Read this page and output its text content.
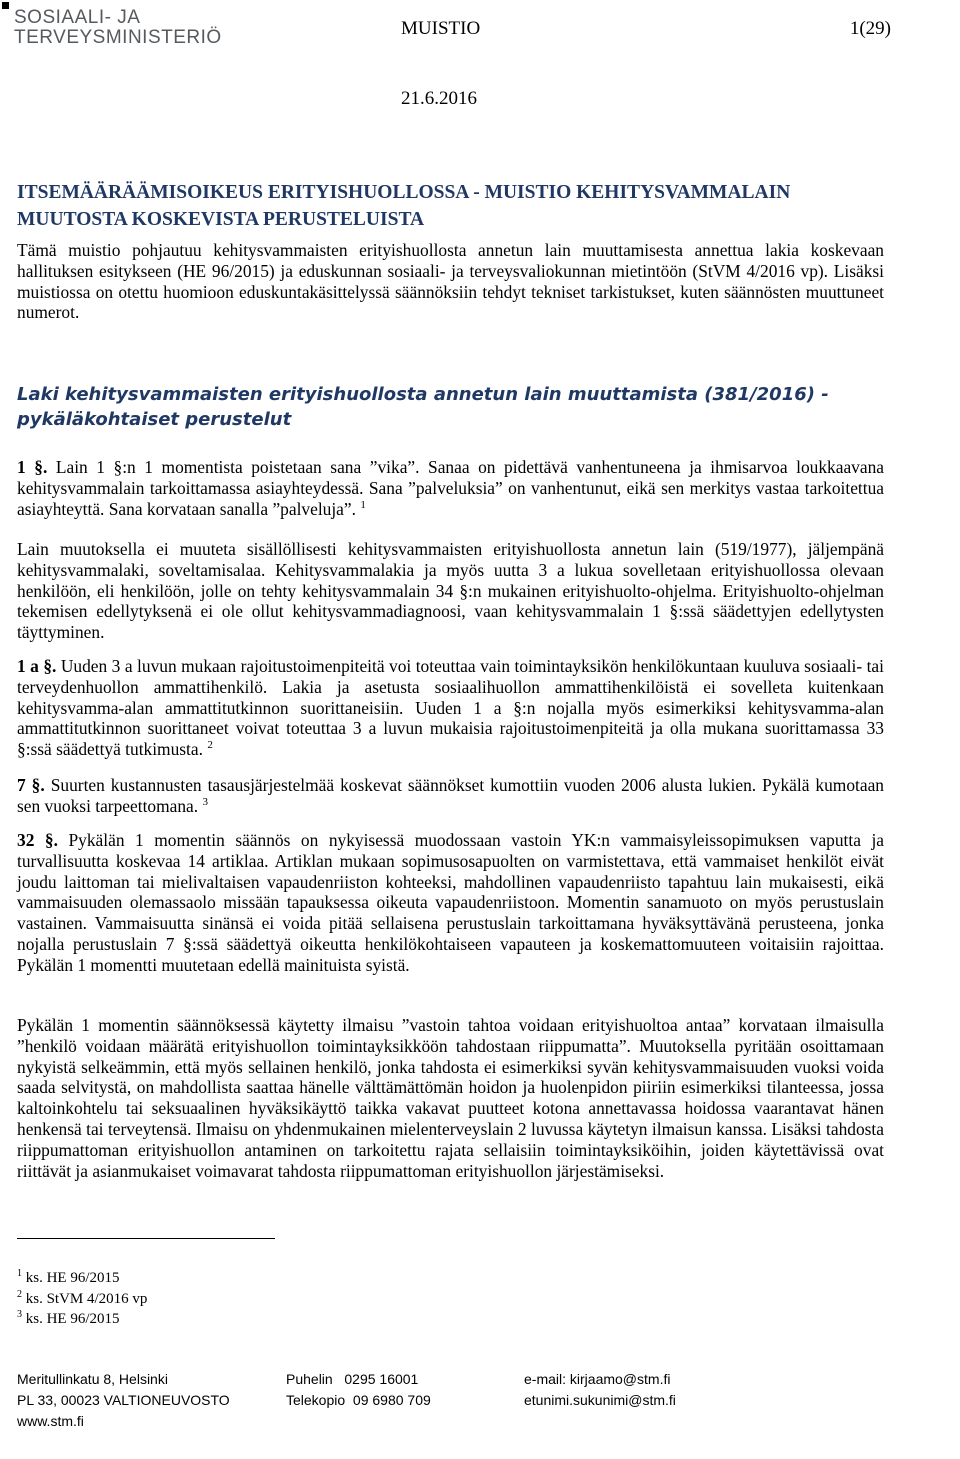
SOSIAALI- JA
TERVEYSMINISTERIÖ	MUISTIO	1(29)
21.6.2016
ITSEMÄÄRÄÄMISOIKEUS ERITYISHUOLLOSSA - MUISTIO KEHITYSVAMMALAIN MUUTOSTA KOSKEVISTA PERUSTELUISTA

Tämä muistio pohjautuu kehitysvammaisten erityishuollosta annetun lain muuttamisesta annettua lakia koskevaan hallituksen esitykseen (HE 96/2015) ja eduskunnan sosiaali- ja terveysvaliokunnan mietintöön (StVM 4/2016 vp). Lisäksi muistiossa on otettu huomioon eduskuntakäsittelyssä säännöksiin tehdyt tekniset tarkistukset, kuten säännösten muuttuneet numerot.

Laki kehitysvammaisten erityishuollosta annetun lain muuttamista (381/2016) - pykäläkohtaiset perustelut

1 §. Lain 1 §:n 1 momentista poistetaan sana ”vika”. Sanaa on pidettävä vanhentuneena ja ihmisarvoa loukkaavana kehitysvammalain tarkoittamassa asiayhteydessä. Sana ”palveluksia” on vanhentunut, eikä sen merkitys vastaa tarkoitettua asiayhteyttä. Sana korvataan sanalla ”palveluja”. $^1$

Lain muutoksella ei muuteta sisällöllisesti kehitysvammaisten erityishuollosta annetun lain (519/1977), jäljempänä kehitysvammalaki, soveltamisalaa. Kehitysvammalakia ja myös uutta 3 a lukua sovelletaan erityishuollossa olevaan henkilöön, eli henkilöön, jolle on tehty kehitysvammalain 34 §:n mukainen erityishuolto-ohjelma. Erityishuolto-ohjelman tekemisen edellytyksenä ei ole ollut kehitysvammadiagnoosi, vaan kehitysvammalain 1 §:ssä säädettyjen edellytysten täyttyminen.

1 a §. Uuden 3 a luvun mukaan rajoitustoimenpiteitä voi toteuttaa vain toimintayksikön henkilökuntaan kuuluva sosiaali- tai terveydenhuollon ammattihenkilö. Lakia ja asetusta sosiaalihuollon ammattihenkilöistä ei sovelleta kuitenkaan kehitysvamma-alan ammattitutkinnon suorittaneisiin. Uuden 1 a §:n nojalla myös esimerkiksi kehitysvamma-alan ammattitutkinnon suorittaneet voivat toteuttaa 3 a luvun mukaisia rajoitustoimenpiteitä ja olla mukana suorittamassa 33 §:ssä säädettyä tutkimusta. $^2$

7 §. Suurten kustannusten tasausjärjestelmää koskevat säännökset kumottiin vuoden 2006 alusta lukien. Pykälä kumotaan sen vuoksi tarpeettomana. $^3$

32 §. Pykälän 1 momentin säännös on nykyisessä muodossaan vastoin YK:n vammaisyleissopimuksen vaputta ja turvallisuutta koskevaa 14 artiklaa. Artiklan mukaan sopimusosapuolten on varmistettava, että vammaiset henkilöt eivät joudu laittoman tai mielivaltaisen vapaudenriiston kohteeksi, mahdollinen vapaudenriisto tapahtuu lain mukaisesti, eikä vammaisuuden olemassaolo missään tapauksessa oikeuta vapaudenriistoon. Momentin sanamuoto on myös perustuslain vastainen. Vammaisuutta sinänsä ei voida pitää sellaisena perustuslain tarkoittamana hyväksyttävänä perusteena, jonka nojalla perustuslain 7 §:ssä säädettyä oikeutta henkilökohtaiseen vapauteen ja koskemattomuuteen voitaisiin rajoittaa. Pykälän 1 momentti muutetaan edellä mainituista syistä.

Pykälän 1 momentin säännöksessä käytetty ilmaisu ”vastoin tahtoa voidaan erityishuoltoa antaa” korvataan ilmaisulla ”henkilö voidaan määrätä erityishuollon toimintayksikköön tahdostaan riippumatta”. Muutoksella pyritään osoittamaan nykyistä selkeämmin, että myös sellainen henkilö, jonka tahdosta ei esimerkiksi syvän kehitysvammaisuuden vuoksi voida saada selvitystä, on mahdollista saattaa hänelle välttämättömän hoidon ja huolenpidon piiriin esimerkiksi tilanteessa, jossa kaltoinkohtelu tai seksuaalinen hyväksikäyttö taikka vakavat puutteet kotona annettavassa hoidossa vaarantavat hänen henkensä tai terveytensä. Ilmaisu on yhdenmukainen mielenterveyslain 2 luvussa käytetyn ilmaisun kanssa. Lisäksi tahdosta riippumattoman erityishuollon antaminen on tarkoitettu rajata sellaisiin toimintayksiköihin, joiden käytettävissä ovat riittävät ja asianmukaiset voimavarat tahdosta riippumattoman erityishuollon järjestämiseksi.

$^1$ ks. HE 96/2015
$^2$ ks. StVM 4/2016 vp
$^3$ ks. HE 96/2015
Meritullinkatu 8, Helsinki
PL 33, 00023 VALTIONEUVOSTO
www.stm.fi
Puhelin   0295 16001
Telekopio  09 6980 709
e-mail: kirjaamo@stm.fi
etunimi.sukunimi@stm.fi
